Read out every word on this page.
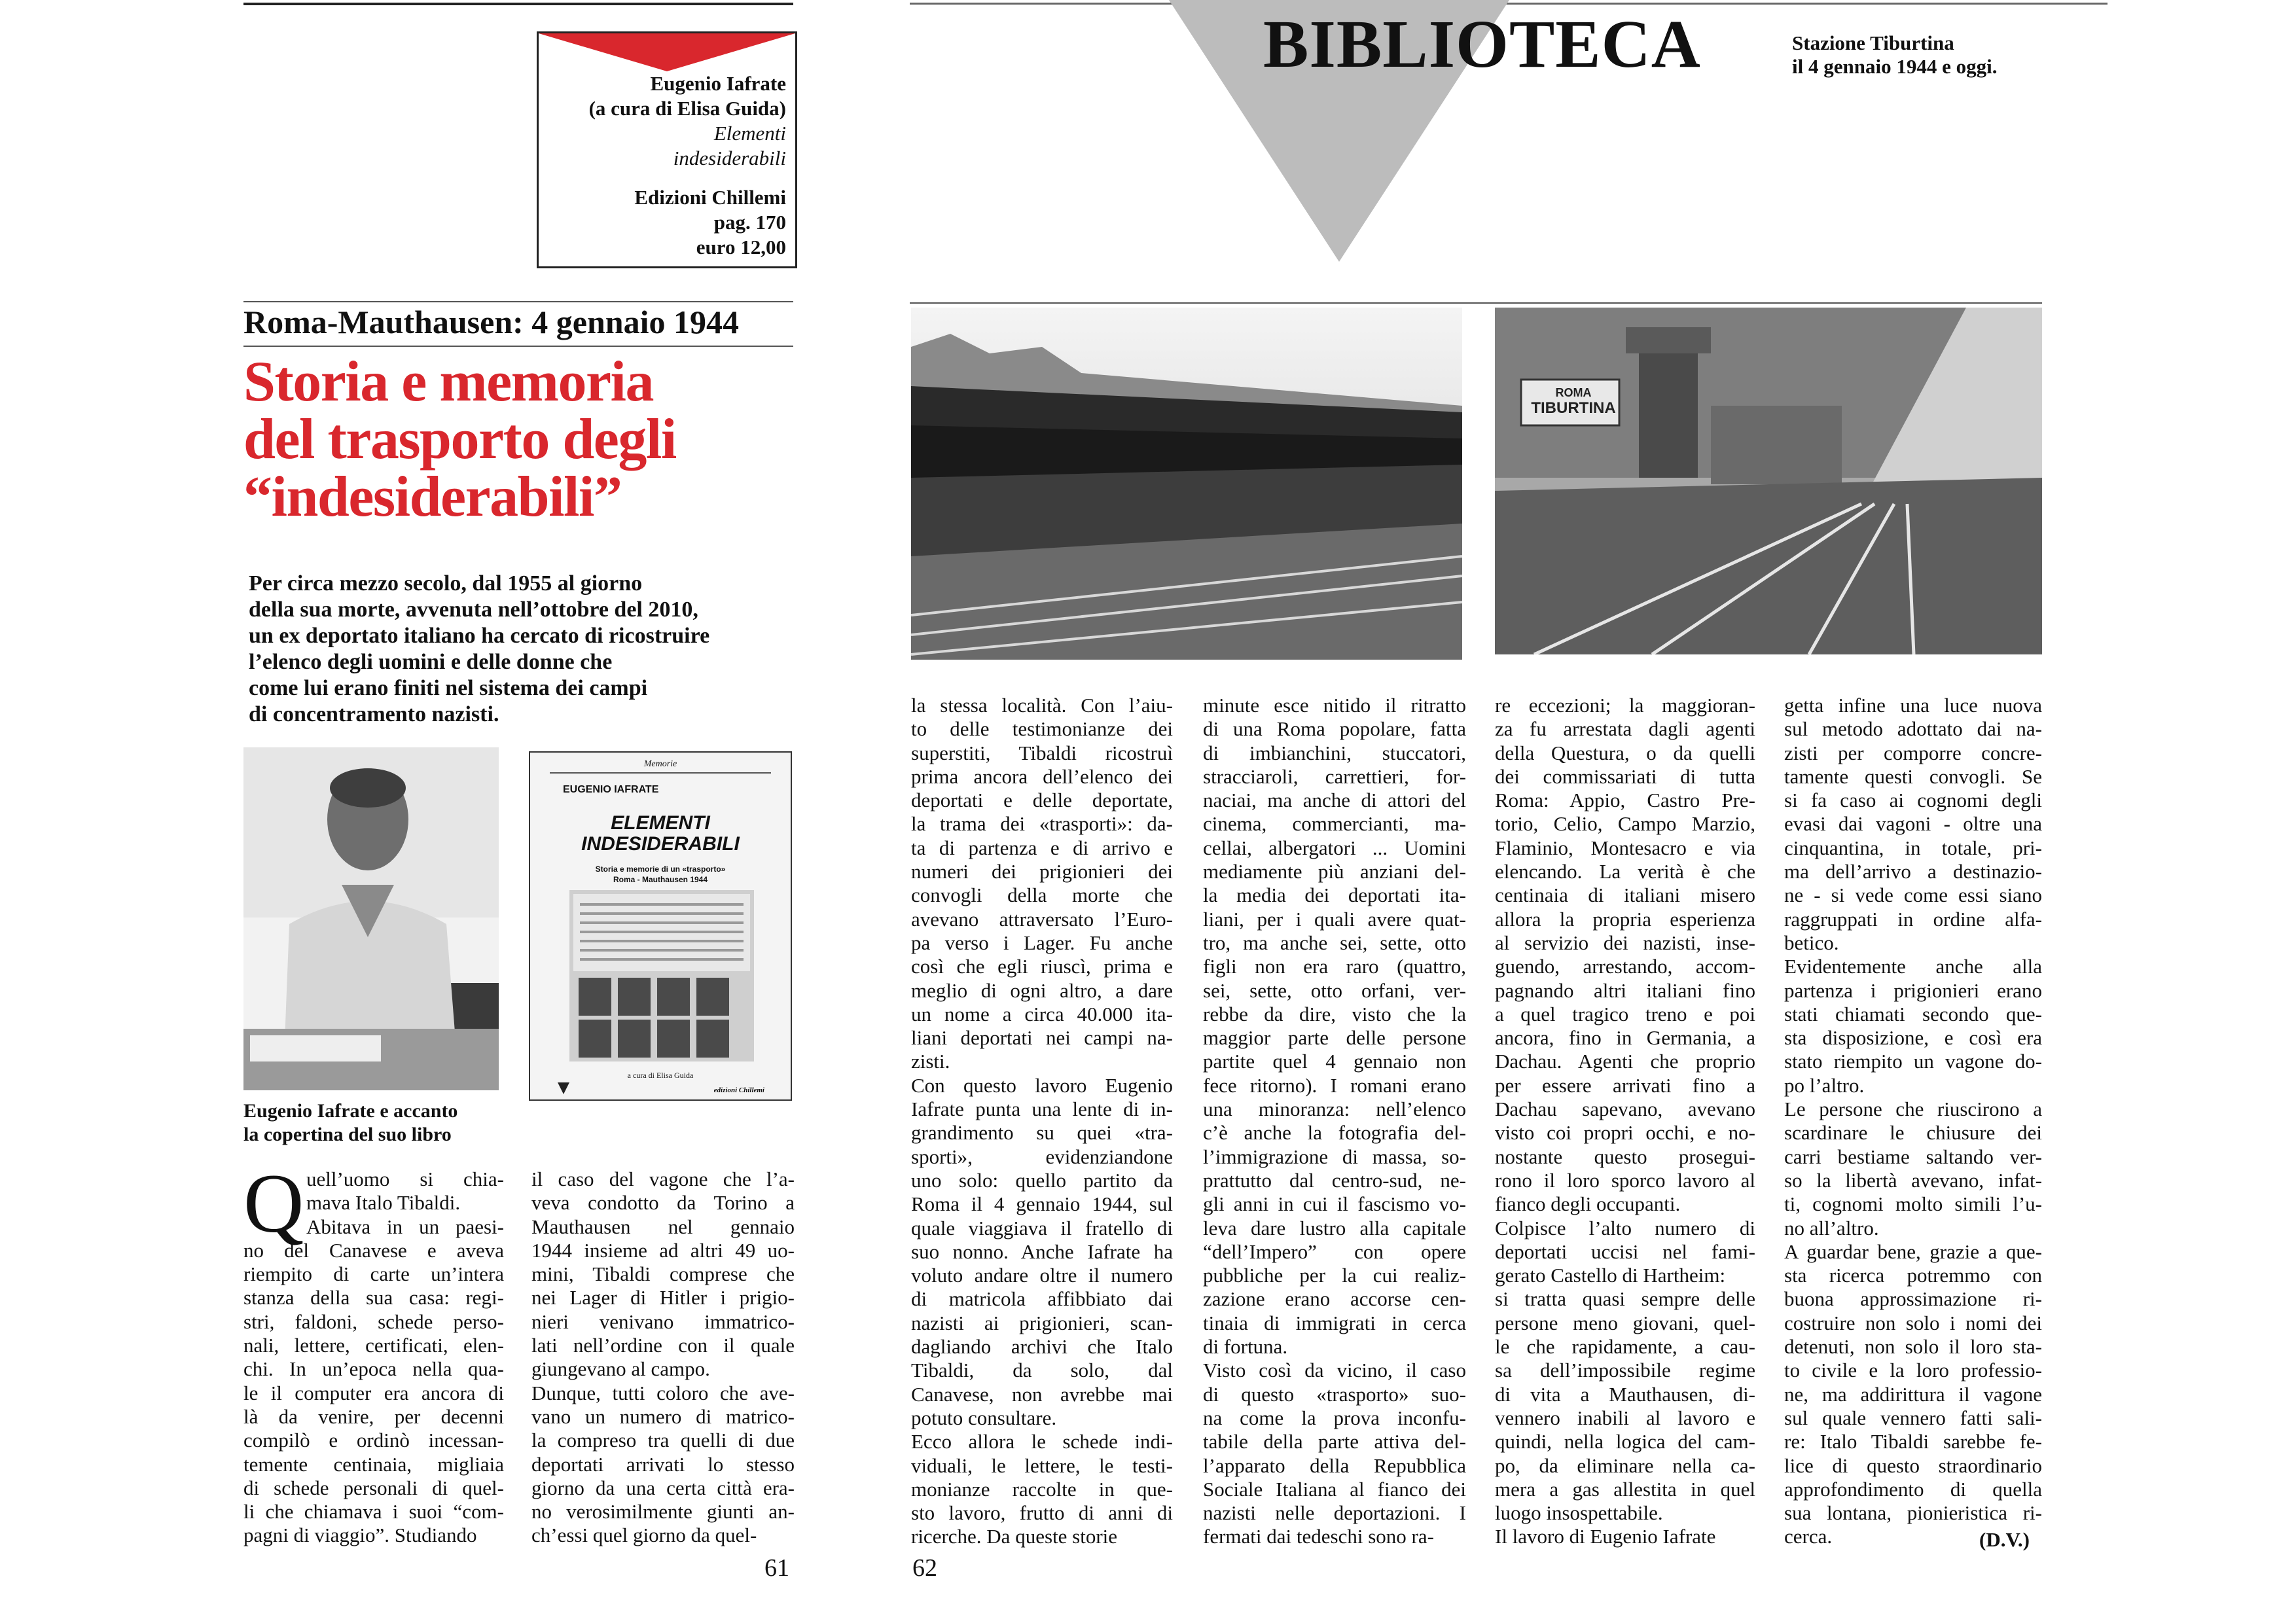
Eugenio Iafrate
(a cura di Elisa Guida)
Elementi
indesiderabili
Edizioni Chillemi
pag. 170
euro 12,00
Roma-Mauthausen: 4 gennaio 1944
Storia e memoria
del trasporto degli
“indesiderabili”
Per circa mezzo secolo, dal 1955 al giorno
della sua morte, avvenuta nell’ottobre del 2010,
un ex deportato italiano ha cercato di ricostruire
l’elenco degli uomini e delle donne che
come lui erano finiti nel sistema dei campi
di concentramento nazisti.
Memorie
EUGENIO IAFRATE
ELEMENTI
INDESIDERABILI
Storia e memorie di un «trasporto»
Roma - Mauthausen 1944
a cura di Elisa Guida
edizioni Chillemi
Eugenio Iafrate e accanto
la copertina del suo libro
Q uell’uomo si chia-
mava Italo Tibaldi.
Abitava in un paesi-
no del Canavese e aveva
riempito di carte un’intera
stanza della sua casa: regi-
stri, faldoni, schede perso-
nali, lettere, certificati, elen-
chi. In un’epoca nella qua-
le il computer era ancora di
là da venire, per decenni
compilò e ordinò incessan-
temente centinaia, migliaia
di schede personali di quel-
li che chiamava i suoi “com-
pagni di viaggio”. Studiando
il caso del vagone che l’a-
veva condotto da Torino a
Mauthausen nel gennaio
1944 insieme ad altri 49 uo-
mini, Tibaldi comprese che
nei Lager di Hitler i prigio-
nieri venivano immatrico-
lati nell’ordine con il quale
giungevano al campo.
Dunque, tutti coloro che ave-
vano un numero di matrico-
la compreso tra quelli di due
deportati arrivati lo stesso
giorno da una certa città era-
no verosimilmente giunti an-
ch’essi quel giorno da quel-
la stessa località. Con l’aiu-
to delle testimonianze dei
superstiti, Tibaldi ricostruì
prima ancora dell’elenco dei
deportati e delle deportate,
la trama dei «trasporti»: da-
ta di partenza e di arrivo e
numeri dei prigionieri dei
convogli della morte che
avevano attraversato l’Euro-
pa verso i Lager. Fu anche
così che egli riuscì, prima e
meglio di ogni altro, a dare
un nome a circa 40.000 ita-
liani deportati nei campi na-
zisti.
Con questo lavoro Eugenio
Iafrate punta una lente di in-
grandimento su quei «tra-
sporti», evidenziandone
uno solo: quello partito da
Roma il 4 gennaio 1944, sul
quale viaggiava il fratello di
suo nonno. Anche Iafrate ha
voluto andare oltre il numero
di matricola affibbiato dai
nazisti ai prigionieri, scan-
dagliando archivi che Italo
Tibaldi, da solo, dal
Canavese, non avrebbe mai
potuto consultare.
Ecco allora le schede indi-
viduali, le lettere, le testi-
monianze raccolte in que-
sto lavoro, frutto di anni di
ricerche. Da queste storie
minute esce nitido il ritratto
di una Roma popolare, fatta
di imbianchini, stuccatori,
stracciaroli, carrettieri, for-
naciai, ma anche di attori del
cinema, commercianti, ma-
cellai, albergatori ... Uomini
mediamente più anziani del-
la media dei deportati ita-
liani, per i quali avere quat-
tro, ma anche sei, sette, otto
figli non era raro (quattro,
sei, sette, otto orfani, ver-
rebbe da dire, visto che la
maggior parte delle persone
partite quel 4 gennaio non
fece ritorno). I romani erano
una minoranza: nell’elenco
c’è anche la fotografia del-
l’immigrazione di massa, so-
prattutto dal centro-sud, ne-
gli anni in cui il fascismo vo-
leva dare lustro alla capitale
“dell’Impero” con opere
pubbliche per la cui realiz-
zazione erano accorse cen-
tinaia di immigrati in cerca
di fortuna.
Visto così da vicino, il caso
di questo «trasporto» suo-
na come la prova inconfu-
tabile della parte attiva del-
l’apparato della Repubblica
Sociale Italiana al fianco dei
nazisti nelle deportazioni. I
fermati dai tedeschi sono ra-
re eccezioni; la maggioran-
za fu arrestata dagli agenti
della Questura, o da quelli
dei commissariati di tutta
Roma: Appio, Castro Pre-
torio, Celio, Campo Marzio,
Flaminio, Montesacro e via
elencando. La verità è che
centinaia di italiani misero
allora la propria esperienza
al servizio dei nazisti, inse-
guendo, arrestando, accom-
pagnando altri italiani fino
a quel tragico treno e poi
ancora, fino in Germania, a
Dachau. Agenti che proprio
per essere arrivati fino a
Dachau sapevano, avevano
visto coi propri occhi, e no-
nostante questo prosegui-
rono il loro sporco lavoro al
fianco degli occupanti.
Colpisce l’alto numero di
deportati uccisi nel fami-
gerato Castello di Hartheim:
si tratta quasi sempre delle
persone meno giovani, quel-
le che rapidamente, a cau-
sa dell’impossibile regime
di vita a Mauthausen, di-
vennero inabili al lavoro e
quindi, nella logica del cam-
po, da eliminare nella ca-
mera a gas allestita in quel
luogo insospettabile.
Il lavoro di Eugenio Iafrate
getta infine una luce nuova
sul metodo adottato dai na-
zisti per comporre concre-
tamente questi convogli. Se
si fa caso ai cognomi degli
evasi dai vagoni - oltre una
cinquantina, in totale, pri-
ma dell’arrivo a destinazio-
ne - si vede come essi siano
raggruppati in ordine alfa-
betico.
Evidentemente anche alla
partenza i prigionieri erano
stati chiamati secondo que-
sta disposizione, e così era
stato riempito un vagone do-
po l’altro.
Le persone che riuscirono a
scardinare le chiusure dei
carri bestiame saltando ver-
so la libertà avevano, infat-
ti, cognomi molto simili l’u-
no all’altro.
A guardar bene, grazie a que-
sta ricerca potremmo con
buona approssimazione ri-
costruire non solo i nomi dei
detenuti, non solo il loro sta-
to civile e la loro professio-
ne, ma addirittura il vagone
sul quale vennero fatti sali-
re: Italo Tibaldi sarebbe fe-
lice di questo straordinario
approfondimento di quella
sua lontana, pionieristica ri-
cerca.	(D.V.)
61	62
BIBLIOTECA	Stazione Tiburtina
il 4 gennaio 1944 e oggi.
ROMA
TIBURTINA
